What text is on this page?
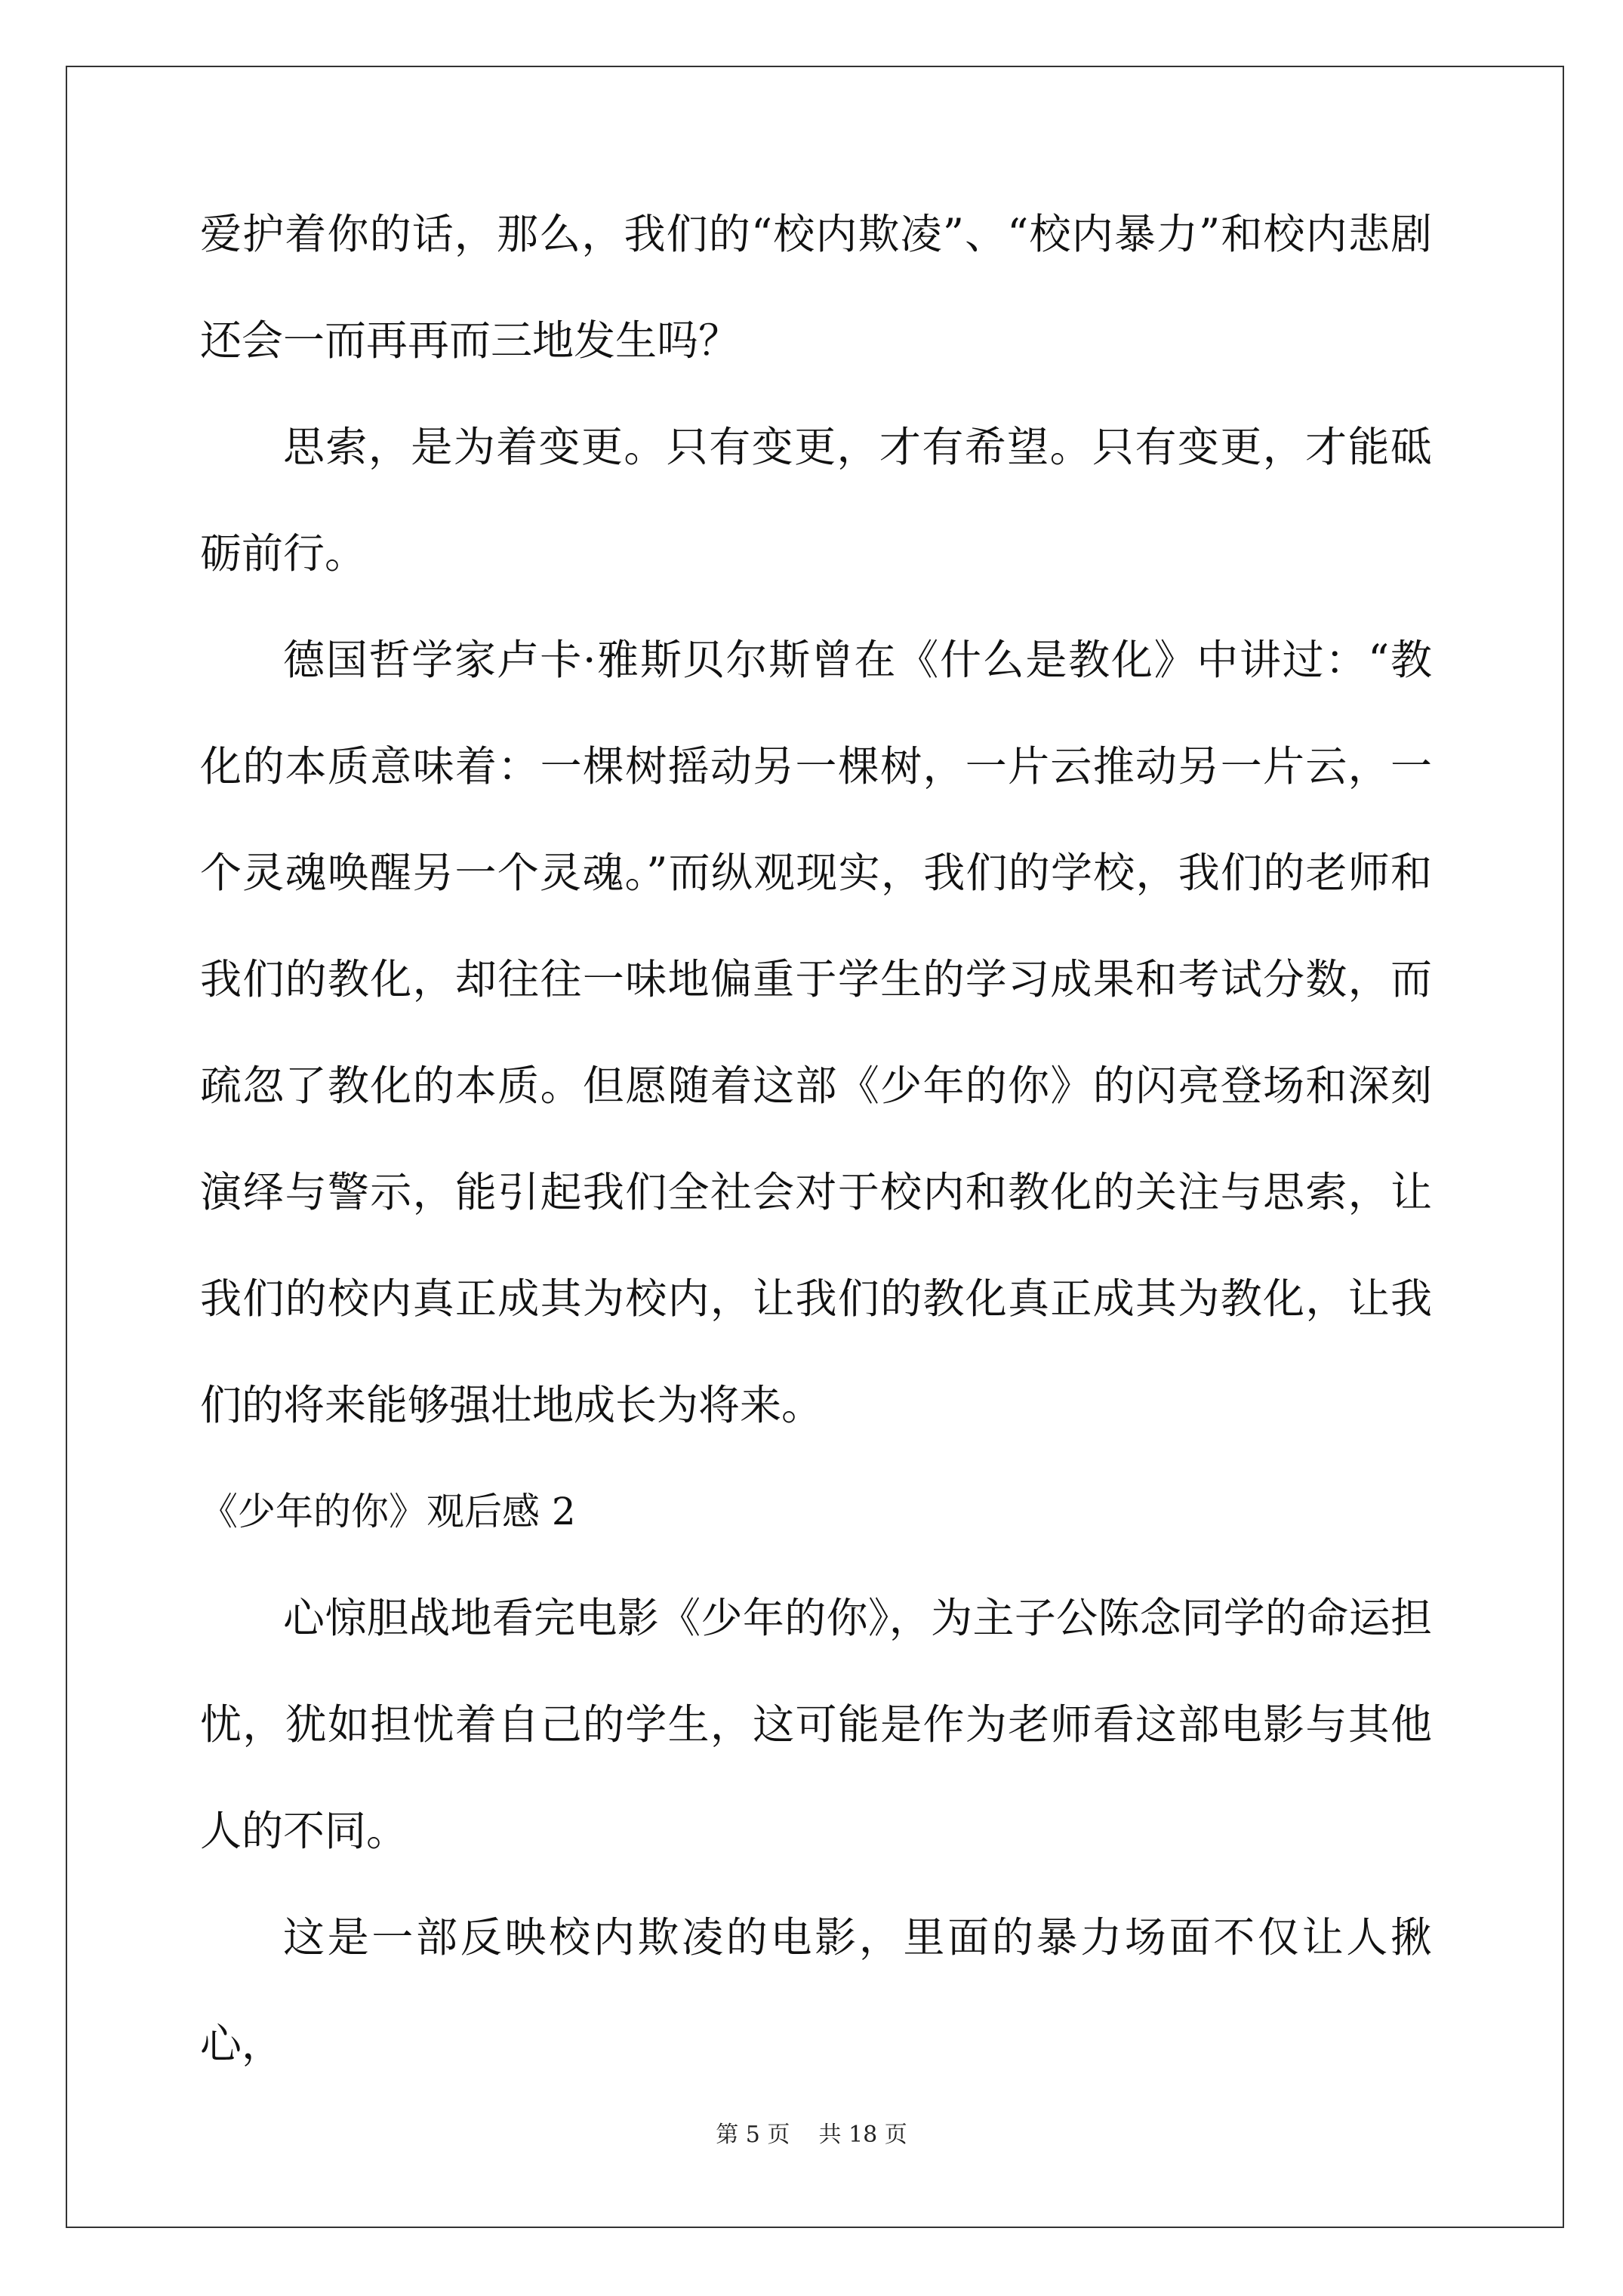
爱护着你的话，那么，我们的“校内欺凌”、“校内暴力”和校内悲剧还会一而再再而三地发生吗？

思索，是为着变更。只有变更，才有希望。只有变更，才能砥砺前行。

德国哲学家卢卡·雅斯贝尔斯曾在《什么是教化》中讲过：“教化的本质意味着：一棵树摇动另一棵树，一片云推动另一片云，一个灵魂唤醒另一个灵魂。”而纵观现实，我们的学校，我们的老师和我们的教化，却往往一味地偏重于学生的学习成果和考试分数，而疏忽了教化的本质。但愿随着这部《少年的你》的闪亮登场和深刻演绎与警示，能引起我们全社会对于校内和教化的关注与思索，让我们的校内真正成其为校内，让我们的教化真正成其为教化，让我们的将来能够强壮地成长为将来。

《少年的你》观后感 2

心惊胆战地看完电影《少年的你》，为主子公陈念同学的命运担忧，犹如担忧着自己的学生，这可能是作为老师看这部电影与其他人的不同。

这是一部反映校内欺凌的电影，里面的暴力场面不仅让人揪心，

第 5 页 共 18 页
